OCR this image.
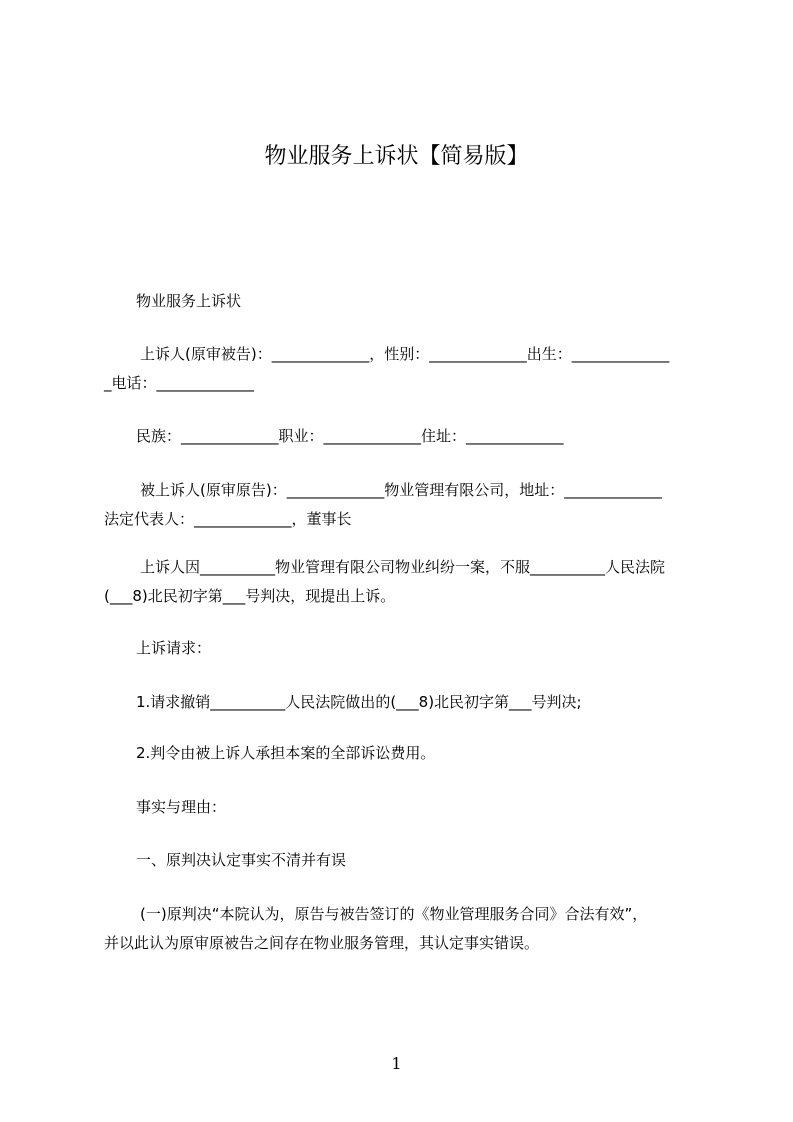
物业服务上诉状【简易版】
物业服务上诉状
上诉人(原审被告)：_____________，性别：_____________出生：_____________
_电话：_____________
民族：_____________职业：_____________住址：_____________
被上诉人(原审原告)：_____________物业管理有限公司，地址：_____________
法定代表人：_____________，董事长
上诉人因__________物业管理有限公司物业纠纷一案，不服__________人民法院
(___8)北民初字第___号判决，现提出上诉。
上诉请求：
1.请求撤销__________人民法院做出的(___8)北民初字第___号判决;
2.判令由被上诉人承担本案的全部诉讼费用。
事实与理由：
一、原判决认定事实不清并有误
(一)原判决“本院认为，原告与被告签订的《物业管理服务合同》合法有效”，
并以此认为原审原被告之间存在物业服务管理，其认定事实错误。
1
